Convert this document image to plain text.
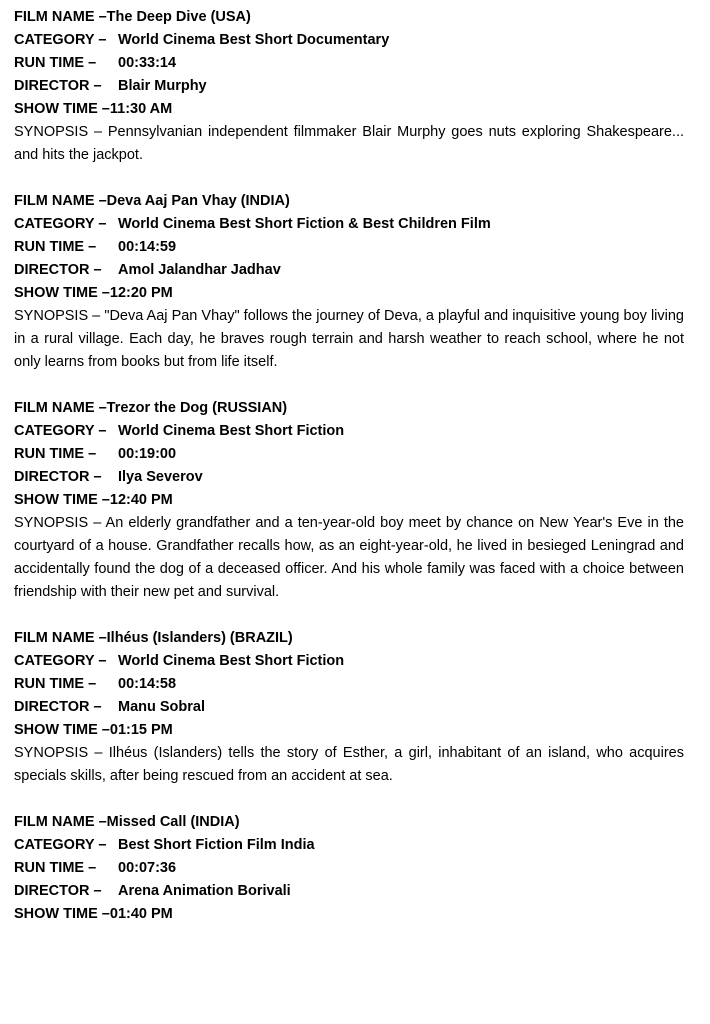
FILM NAME –The Deep Dive (USA)
CATEGORY – World Cinema Best Short Documentary
RUN TIME – 00:33:14
DIRECTOR – Blair Murphy
SHOW TIME –11:30 AM

SYNOPSIS – Pennsylvanian independent filmmaker Blair Murphy goes nuts exploring Shakespeare... and hits the jackpot.

FILM NAME –Deva Aaj Pan Vhay (INDIA)
CATEGORY – World Cinema Best Short Fiction & Best Children Film
RUN TIME – 00:14:59
DIRECTOR – Amol Jalandhar Jadhav
SHOW TIME –12:20 PM

SYNOPSIS – "Deva Aaj Pan Vhay" follows the journey of Deva, a playful and inquisitive young boy living in a rural village. Each day, he braves rough terrain and harsh weather to reach school, where he not only learns from books but from life itself.

FILM NAME –Trezor the Dog (RUSSIAN)
CATEGORY – World Cinema Best Short Fiction
RUN TIME – 00:19:00
DIRECTOR – Ilya Severov
SHOW TIME –12:40 PM

SYNOPSIS – An elderly grandfather and a ten-year-old boy meet by chance on New Year's Eve in the courtyard of a house. Grandfather recalls how, as an eight-year-old, he lived in besieged Leningrad and accidentally found the dog of a deceased officer. And his whole family was faced with a choice between friendship with their new pet and survival.

FILM NAME –Ilhéus (Islanders) (BRAZIL)
CATEGORY – World Cinema Best Short Fiction
RUN TIME – 00:14:58
DIRECTOR – Manu Sobral
SHOW TIME –01:15 PM

SYNOPSIS – Ilhéus (Islanders) tells the story of Esther, a girl, inhabitant of an island, who acquires specials skills, after being rescued from an accident at sea.

FILM NAME –Missed Call (INDIA)
CATEGORY – Best Short Fiction Film India
RUN TIME – 00:07:36
DIRECTOR – Arena Animation Borivali
SHOW TIME –01:40 PM
